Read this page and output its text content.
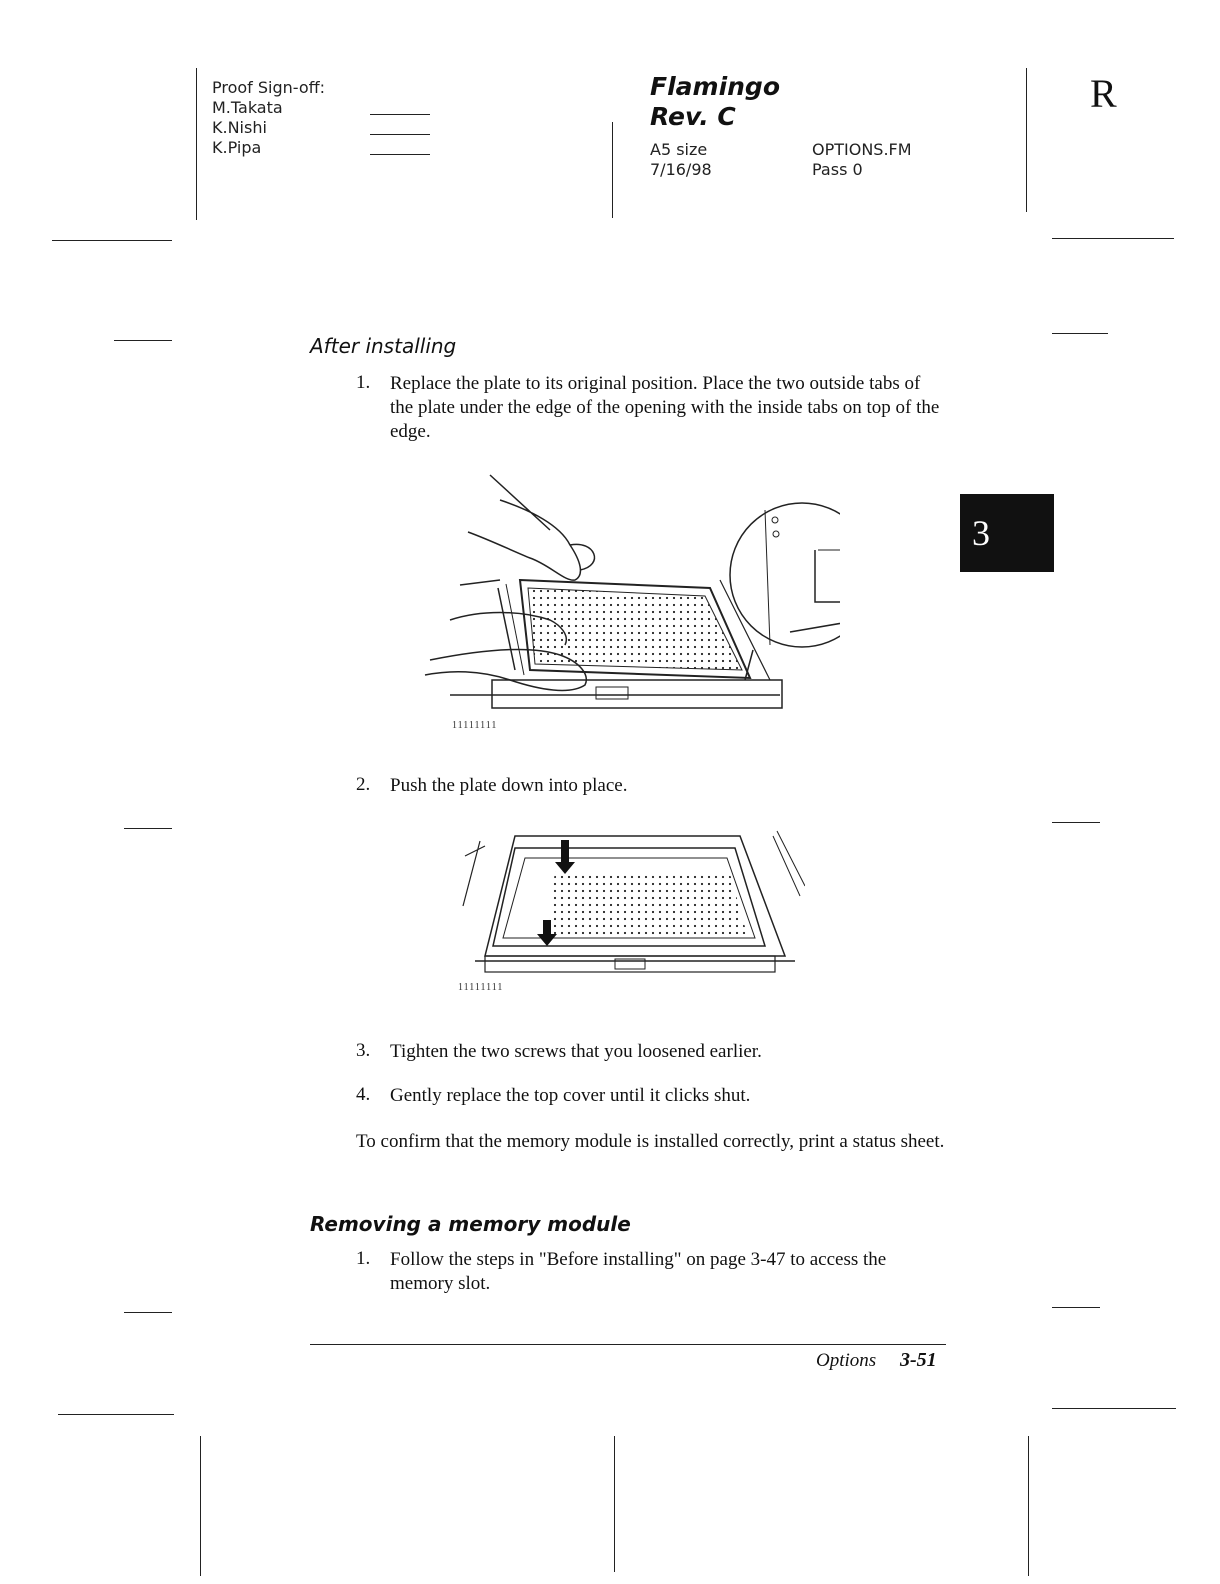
Proof Sign-off:
M.Takata
K.Nishi
K.Pipa
Flamingo
Rev. C
A5 size	OPTIONS.FM
7/16/98	Pass 0
R
3
After installing
1. Replace the plate to its original position. Place the two outside tabs of the plate under the edge of the opening with the inside tabs on top of the edge.
11111111
2. Push the plate down into place.
11111111
3. Tighten the two screws that you loosened earlier.
4. Gently replace the top cover until it clicks shut.
To confirm that the memory module is installed correctly, print a status sheet.
Removing a memory module
1. Follow the steps in "Before installing" on page 3-47 to access the memory slot.
Options 3-51
